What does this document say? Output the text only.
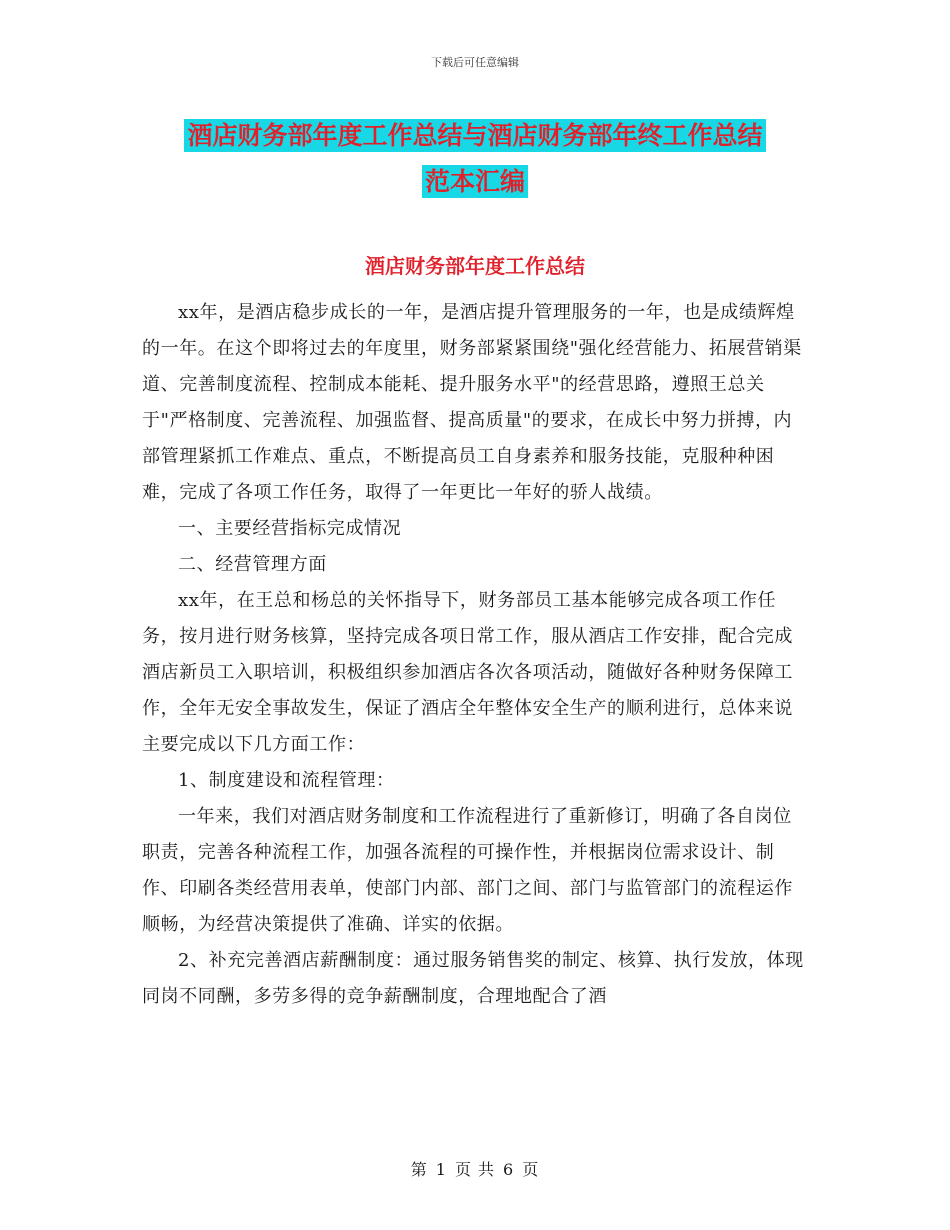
下载后可任意编辑
酒店财务部年度工作总结与酒店财务部年终工作总结
范本汇编
酒店财务部年度工作总结

xx年，是酒店稳步成长的一年，是酒店提升管理服务的一年，也是成绩辉煌的一年。在这个即将过去的年度里，财务部紧紧围绕"强化经营能力、拓展营销渠道、完善制度流程、控制成本能耗、提升服务水平"的经营思路，遵照王总关于"严格制度、完善流程、加强监督、提高质量"的要求，在成长中努力拼搏，内部管理紧抓工作难点、重点，不断提高员工自身素养和服务技能，克服种种困难，完成了各项工作任务，取得了一年更比一年好的骄人战绩。

一、主要经营指标完成情况

二、经营管理方面

xx年，在王总和杨总的关怀指导下，财务部员工基本能够完成各项工作任务，按月进行财务核算，坚持完成各项日常工作，服从酒店工作安排，配合完成酒店新员工入职培训，积极组织参加酒店各次各项活动，随做好各种财务保障工作，全年无安全事故发生，保证了酒店全年整体安全生产的顺利进行，总体来说主要完成以下几方面工作：

1、制度建设和流程管理：

一年来，我们对酒店财务制度和工作流程进行了重新修订，明确了各自岗位职责，完善各种流程工作，加强各流程的可操作性，并根据岗位需求设计、制作、印刷各类经营用表单，使部门内部、部门之间、部门与监管部门的流程运作顺畅，为经营决策提供了准确、详实的依据。

2、补充完善酒店薪酬制度：通过服务销售奖的制定、核算、执行发放，体现同岗不同酬，多劳多得的竞争薪酬制度，合理地配合了酒

第 1 页 共 6 页
